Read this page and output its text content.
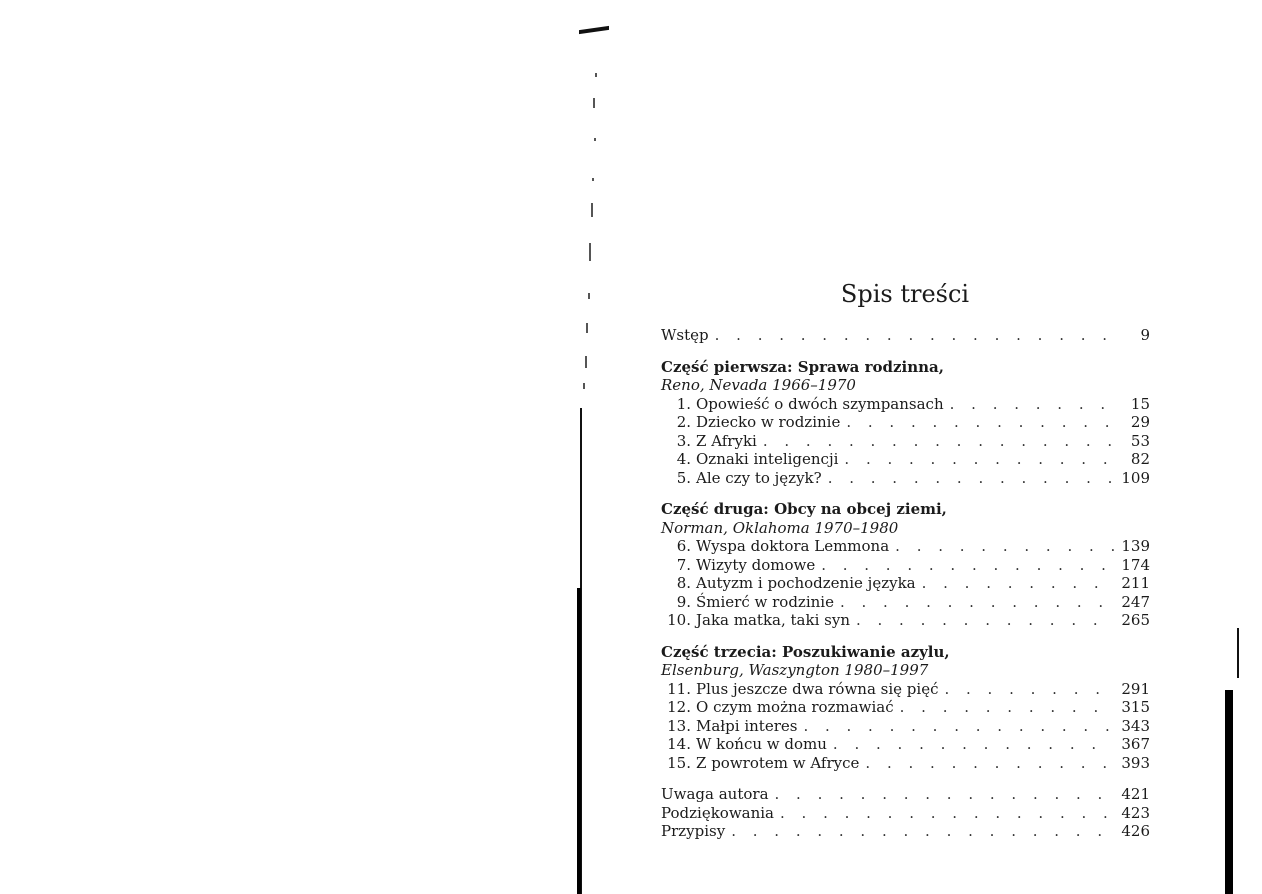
Spis treści
Wstęp . . .	9
Część pierwsza: Sprawa rodzinna,
Reno, Nevada 1966–1970
1. Opowieść o dwóch szympansach . . .	15
2. Dziecko w rodzinie . . .	29
3. Z Afryki . . .	53
4. Oznaki inteligencji . . .	82
5. Ale czy to język? . . .	109
Część druga: Obcy na obcej ziemi,
Norman, Oklahoma 1970–1980
6. Wyspa doktora Lemmona . . .	139
7. Wizyty domowe . . .	174
8. Autyzm i pochodzenie języka . . .	211
9. Śmierć w rodzinie . . .	247
10. Jaka matka, taki syn . . .	265
Część trzecia: Poszukiwanie azylu,
Elsenburg, Waszyngton 1980–1997
11. Plus jeszcze dwa równa się pięć . . .	291
12. O czym można rozmawiać . . .	315
13. Małpi interes . . .	343
14. W końcu w domu . . .	367
15. Z powrotem w Afryce . . .	393
Uwaga autora . . .	421
Podziękowania . . .	423
Przypisy . . .	426
